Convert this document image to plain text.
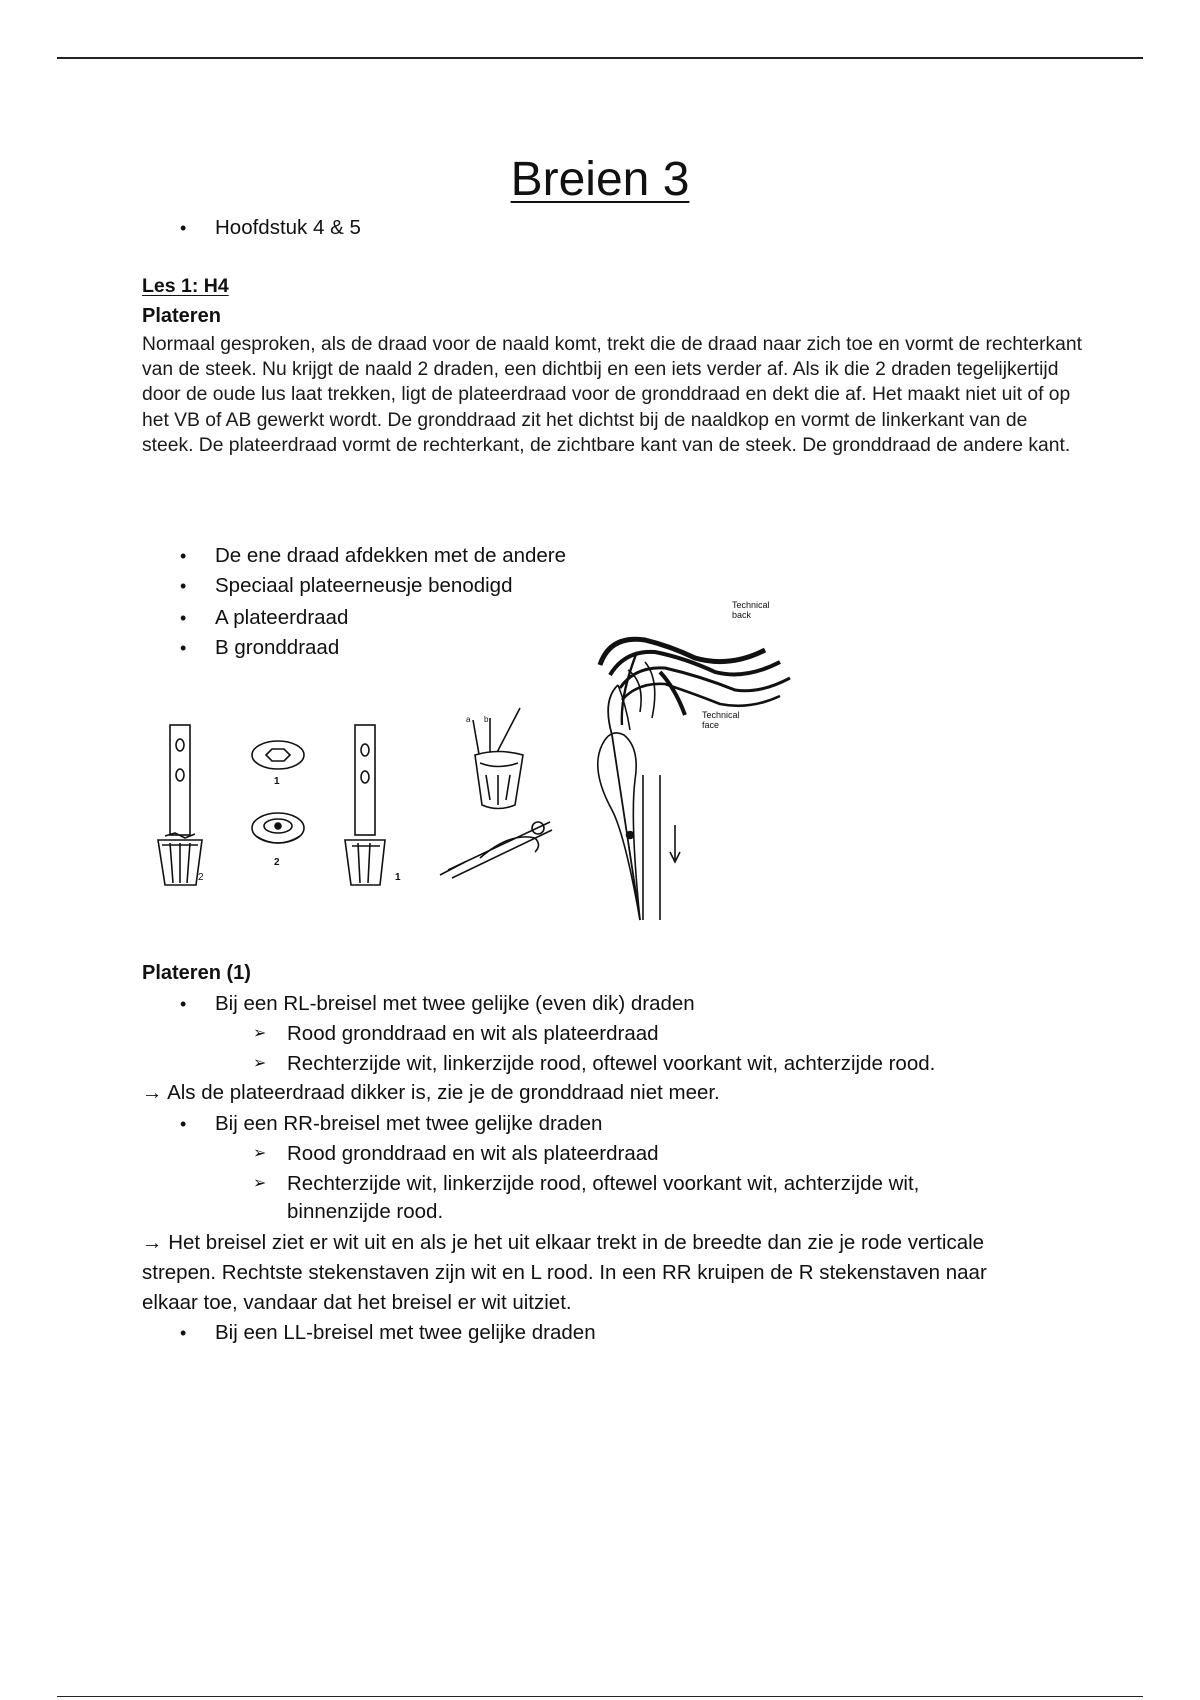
Breien 3
• Hoofdstuk 4 & 5
Les 1: H4
Plateren
Normaal gesproken, als de draad voor de naald komt, trekt die de draad naar zich toe en vormt de rechterkant van de steek. Nu krijgt de naald 2 draden, een dichtbij en een iets verder af. Als ik die 2 draden tegelijkertijd door de oude lus laat trekken, ligt de plateerdraad voor de gronddraad en dekt die af. Het maakt niet uit of op het VB of AB gewerkt wordt. De gronddraad zit het dichtst bij de naaldkop en vormt de linkerkant van de steek. De plateerdraad vormt de rechterkant, de zichtbare kant van de steek. De gronddraad de andere kant.
• De ene draad afdekken met de andere
• Speciaal plateerneusje benodigd
• A plateerdraad
• B gronddraad
2
1
2
1
a b
Technical back
Technical face
Plateren (1)
• Bij een RL-breisel met twee gelijke (even dik) draden
➢ Rood gronddraad en wit als plateerdraad
➢ Rechterzijde wit, linkerzijde rood, oftewel voorkant wit, achterzijde rood.
→ Als de plateerdraad dikker is, zie je de gronddraad niet meer.
• Bij een RR-breisel met twee gelijke draden
➢ Rood gronddraad en wit als plateerdraad
➢ Rechterzijde wit, linkerzijde rood, oftewel voorkant wit, achterzijde wit,
binnenzijde rood.
→ Het breisel ziet er wit uit en als je het uit elkaar trekt in de breedte dan zie je rode verticale strepen. Rechtste stekenstaven zijn wit en L rood. In een RR kruipen de R stekenstaven naar elkaar toe, vandaar dat het breisel er wit uitziet.
• Bij een LL-breisel met twee gelijke draden
